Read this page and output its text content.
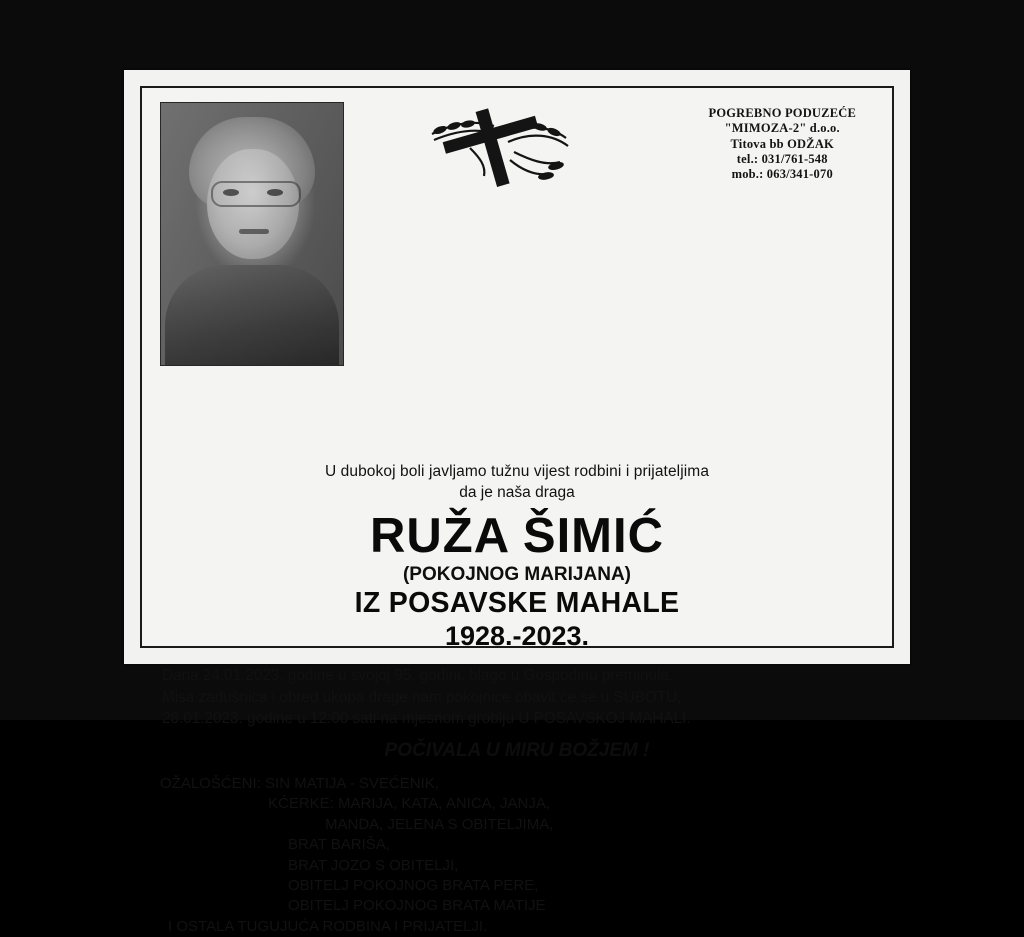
POGREBNO PODUZEĆE
"MIMOZA-2" d.o.o.
Titova bb ODŽAK
tel.: 031/761-548
mob.: 063/341-070
U dubokoj boli javljamo tužnu vijest rodbini i prijateljima
da je naša draga
RUŽA ŠIMIĆ
(POKOJNOG MARIJANA)
IZ POSAVSKE MAHALE
1928.-2023.
Dana 24.01.2023. godine u svojoj 95. godini, blago u Gospodinu preminula.
Misa zadušnica i obred ukopa drage nam pokojnice obavit će se u SUBOTU,
28.01.2023. godine u 12:00 sati na mjesnom groblju U POSAVSKOJ MAHALI.
POČIVALA U MIRU BOŽJEM !
OŽALOŠĆENI: SIN MATIJA - SVEĆENIK,
KĆERKE: MARIJA, KATA, ANICA, JANJA,
MANDA, JELENA S OBITELJIMA,
BRAT BARIŠA,
BRAT JOZO S OBITELJI,
OBITELJ POKOJNOG BRATA PERE,
OBITELJ POKOJNOG BRATA MATIJE
I OSTALA TUGUJUĆA RODBINA I PRIJATELJI.
